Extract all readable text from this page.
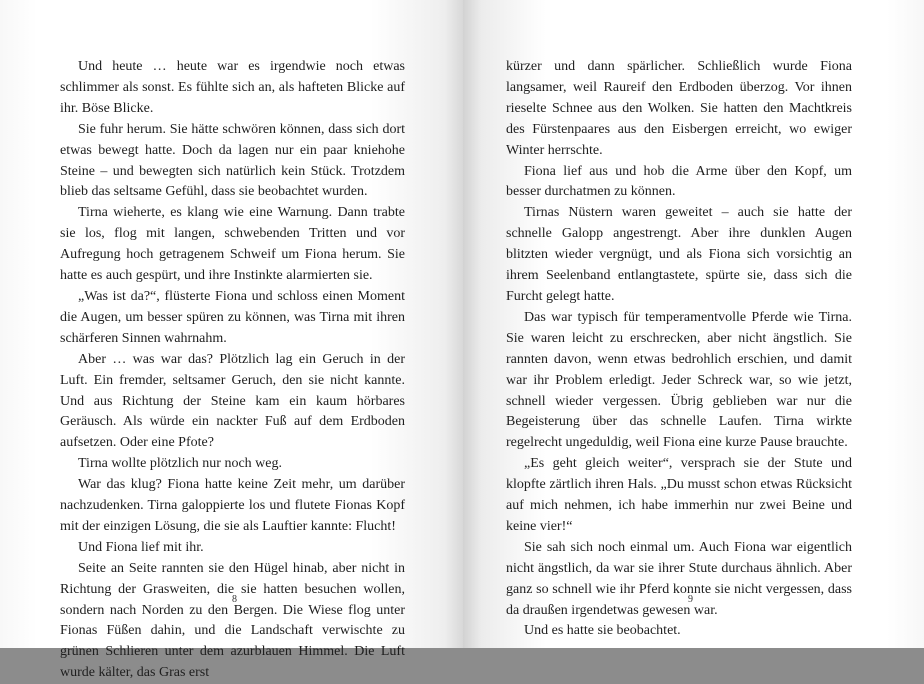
Und heute … heute war es irgendwie noch etwas schlimmer als sonst. Es fühlte sich an, als hafteten Blicke auf ihr. Böse Blicke.

Sie fuhr herum. Sie hätte schwören können, dass sich dort etwas bewegt hatte. Doch da lagen nur ein paar kniehohe Steine – und bewegten sich natürlich kein Stück. Trotzdem blieb das seltsame Gefühl, dass sie beobachtet wurden.

Tirna wieherte, es klang wie eine Warnung. Dann trabte sie los, flog mit langen, schwebenden Tritten und vor Aufregung hoch getragenem Schweif um Fiona herum. Sie hatte es auch gespürt, und ihre Instinkte alarmierten sie.

„Was ist da?“, flüsterte Fiona und schloss einen Moment die Augen, um besser spüren zu können, was Tirna mit ihren schärferen Sinnen wahrnahm.

Aber … was war das? Plötzlich lag ein Geruch in der Luft. Ein fremder, seltsamer Geruch, den sie nicht kannte. Und aus Richtung der Steine kam ein kaum hörbares Geräusch. Als würde ein nackter Fuß auf dem Erdboden aufsetzen. Oder eine Pfote?

Tirna wollte plötzlich nur noch weg.

War das klug? Fiona hatte keine Zeit mehr, um darüber nachzudenken. Tirna galoppierte los und flutete Fionas Kopf mit der einzigen Lösung, die sie als Lauftier kannte: Flucht!

Und Fiona lief mit ihr.

Seite an Seite rannten sie den Hügel hinab, aber nicht in Richtung der Grasweiten, die sie hatten besuchen wollen, sondern nach Norden zu den Bergen. Die Wiese flog unter Fionas Füßen dahin, und die Landschaft verwischte zu grünen Schlieren unter dem azurblauen Himmel. Die Luft wurde kälter, das Gras erst

8

kürzer und dann spärlicher. Schließlich wurde Fiona langsamer, weil Raureif den Erdboden überzog. Vor ihnen rieselte Schnee aus den Wolken. Sie hatten den Machtkreis des Fürstenpaares aus den Eisbergen erreicht, wo ewiger Winter herrschte.

Fiona lief aus und hob die Arme über den Kopf, um besser durchatmen zu können.

Tirnas Nüstern waren geweitet – auch sie hatte der schnelle Galopp angestrengt. Aber ihre dunklen Augen blitzten wieder vergnügt, und als Fiona sich vorsichtig an ihrem Seelenband entlangtastete, spürte sie, dass sich die Furcht gelegt hatte.

Das war typisch für temperamentvolle Pferde wie Tirna. Sie waren leicht zu erschrecken, aber nicht ängstlich. Sie rannten davon, wenn etwas bedrohlich erschien, und damit war ihr Problem erledigt. Jeder Schreck war, so wie jetzt, schnell wieder vergessen. Übrig geblieben war nur die Begeisterung über das schnelle Laufen. Tirna wirkte regelrecht ungeduldig, weil Fiona eine kurze Pause brauchte.

„Es geht gleich weiter“, versprach sie der Stute und klopfte zärtlich ihren Hals. „Du musst schon etwas Rücksicht auf mich nehmen, ich habe immerhin nur zwei Beine und keine vier!“

Sie sah sich noch einmal um. Auch Fiona war eigentlich nicht ängstlich, da war sie ihrer Stute durchaus ähnlich. Aber ganz so schnell wie ihr Pferd konnte sie nicht vergessen, dass da draußen irgendetwas gewesen war.

Und es hatte sie beobachtet.

9
